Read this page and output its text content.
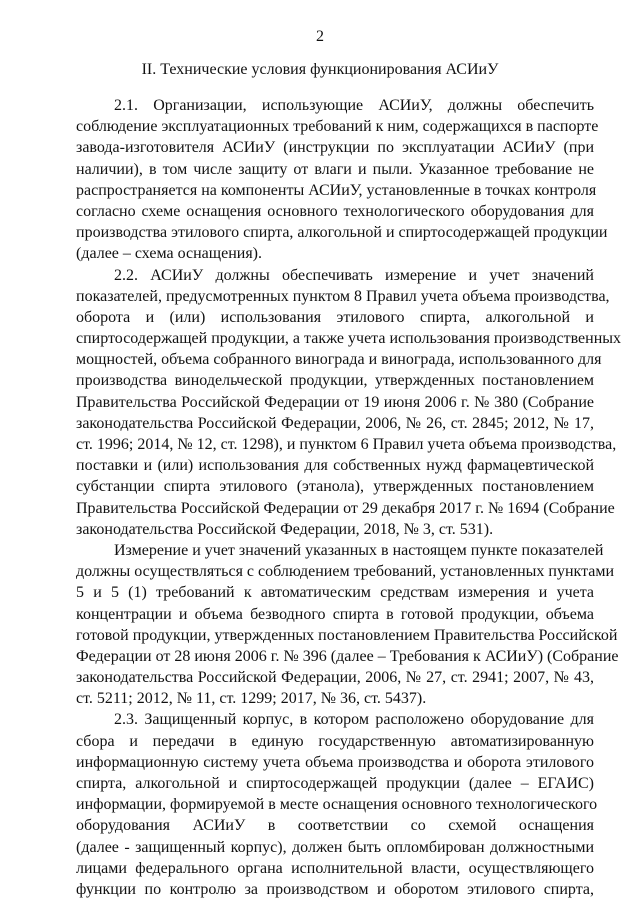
2
II. Технические условия функционирования АСИиУ
2.1. Организации, использующие АСИиУ, должны обеспечить
соблюдение эксплуатационных требований к ним, содержащихся в паспорте
завода-изготовителя АСИиУ (инструкции по эксплуатации АСИиУ (при
наличии), в том числе защиту от влаги и пыли. Указанное требование не
распространяется на компоненты АСИиУ, установленные в точках контроля
согласно схеме оснащения основного технологического оборудования для
производства этилового спирта, алкогольной и спиртосодержащей продукции
(далее – схема оснащения).
2.2. АСИиУ должны обеспечивать измерение и учет значений
показателей, предусмотренных пунктом 8 Правил учета объема производства,
оборота и (или) использования этилового спирта, алкогольной и
спиртосодержащей продукции, а также учета использования производственных
мощностей, объема собранного винограда и винограда, использованного для
производства винодельческой продукции, утвержденных постановлением
Правительства Российской Федерации от 19 июня 2006 г. № 380 (Собрание
законодательства Российской Федерации, 2006, № 26, ст. 2845; 2012, № 17,
ст. 1996; 2014, № 12, ст. 1298), и пунктом 6 Правил учета объема производства,
поставки и (или) использования для собственных нужд фармацевтической
субстанции спирта этилового (этанола), утвержденных постановлением
Правительства Российской Федерации от 29 декабря 2017 г. № 1694 (Собрание
законодательства Российской Федерации, 2018, № 3, ст. 531).
Измерение и учет значений указанных в настоящем пункте показателей
должны осуществляться с соблюдением требований, установленных пунктами
5 и 5 (1) требований к автоматическим средствам измерения и учета
концентрации и объема безводного спирта в готовой продукции, объема
готовой продукции, утвержденных постановлением Правительства Российской
Федерации от 28 июня 2006 г. № 396 (далее – Требования к АСИиУ) (Собрание
законодательства Российской Федерации, 2006, № 27, ст. 2941; 2007, № 43,
ст. 5211; 2012, № 11, ст. 1299; 2017, № 36, ст. 5437).
2.3. Защищенный корпус, в котором расположено оборудование для
сбора и передачи в единую государственную автоматизированную
информационную систему учета объема производства и оборота этилового
спирта, алкогольной и спиртосодержащей продукции (далее – ЕГАИС)
информации, формируемой в месте оснащения основного технологического
оборудования АСИиУ в соответствии со схемой оснащения
(далее - защищенный корпус), должен быть опломбирован должностными
лицами федерального органа исполнительной власти, осуществляющего
функции по контролю за производством и оборотом этилового спирта,
